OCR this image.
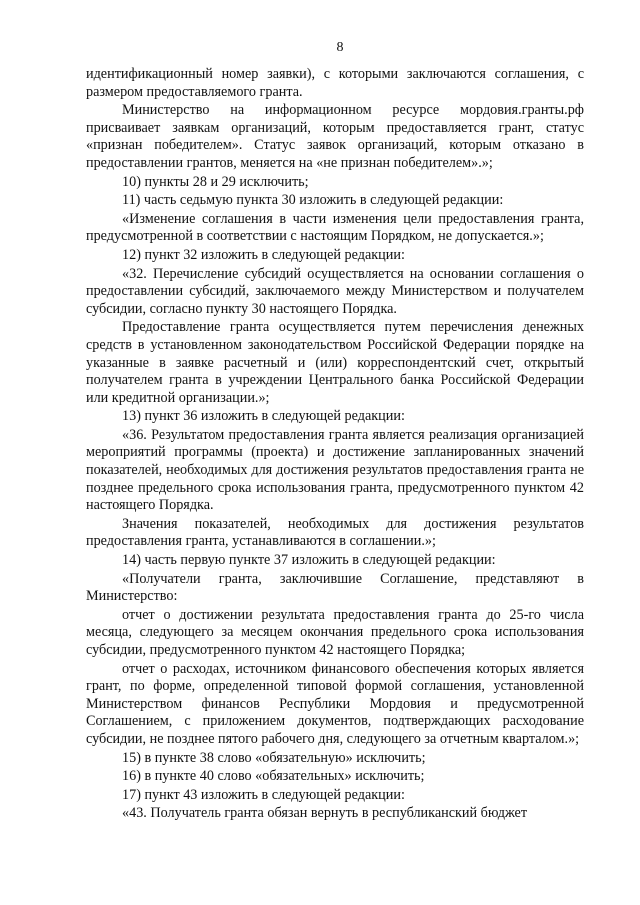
8

идентификационный номер заявки), с которыми заключаются соглашения, с размером предоставляемого гранта.

Министерство на информационном ресурсе мордовия.гранты.рф присваивает заявкам организаций, которым предоставляется грант, статус «признан победителем». Статус заявок организаций, которым отказано в предоставлении грантов, меняется на «не признан победителем».»;

10) пункты 28 и 29 исключить;

11) часть седьмую пункта 30 изложить в следующей редакции:

«Изменение соглашения в части изменения цели предоставления гранта, предусмотренной в соответствии с настоящим Порядком, не допускается.»;

12) пункт 32 изложить в следующей редакции:

«32. Перечисление субсидий осуществляется на основании соглашения о предоставлении субсидий, заключаемого между Министерством и получателем субсидии, согласно пункту 30 настоящего Порядка.

Предоставление гранта осуществляется путем перечисления денежных средств в установленном законодательством Российской Федерации порядке на указанные в заявке расчетный и (или) корреспондентский счет, открытый получателем гранта в учреждении Центрального банка Российской Федерации или кредитной организации.»;

13) пункт 36 изложить в следующей редакции:

«36. Результатом предоставления гранта является реализация организацией мероприятий программы (проекта) и достижение запланированных значений показателей, необходимых для достижения результатов предоставления гранта не позднее предельного срока использования гранта, предусмотренного пунктом 42 настоящего Порядка.

Значения показателей, необходимых для достижения результатов предоставления гранта, устанавливаются в соглашении.»;

14) часть первую пункте 37 изложить в следующей редакции:

«Получатели гранта, заключившие Соглашение, представляют в Министерство:

отчет о достижении результата предоставления гранта до 25-го числа месяца, следующего за месяцем окончания предельного срока использования субсидии, предусмотренного пунктом 42 настоящего Порядка;

отчет о расходах, источником финансового обеспечения которых является грант, по форме, определенной типовой формой соглашения, установленной Министерством финансов Республики Мордовия и предусмотренной Соглашением, с приложением документов, подтверждающих расходование субсидии, не позднее пятого рабочего дня, следующего за отчетным кварталом.»;

15) в пункте 38 слово «обязательную» исключить;

16) в пункте 40 слово «обязательных» исключить;

17) пункт 43 изложить в следующей редакции:

«43. Получатель гранта обязан вернуть в республиканский бюджет
